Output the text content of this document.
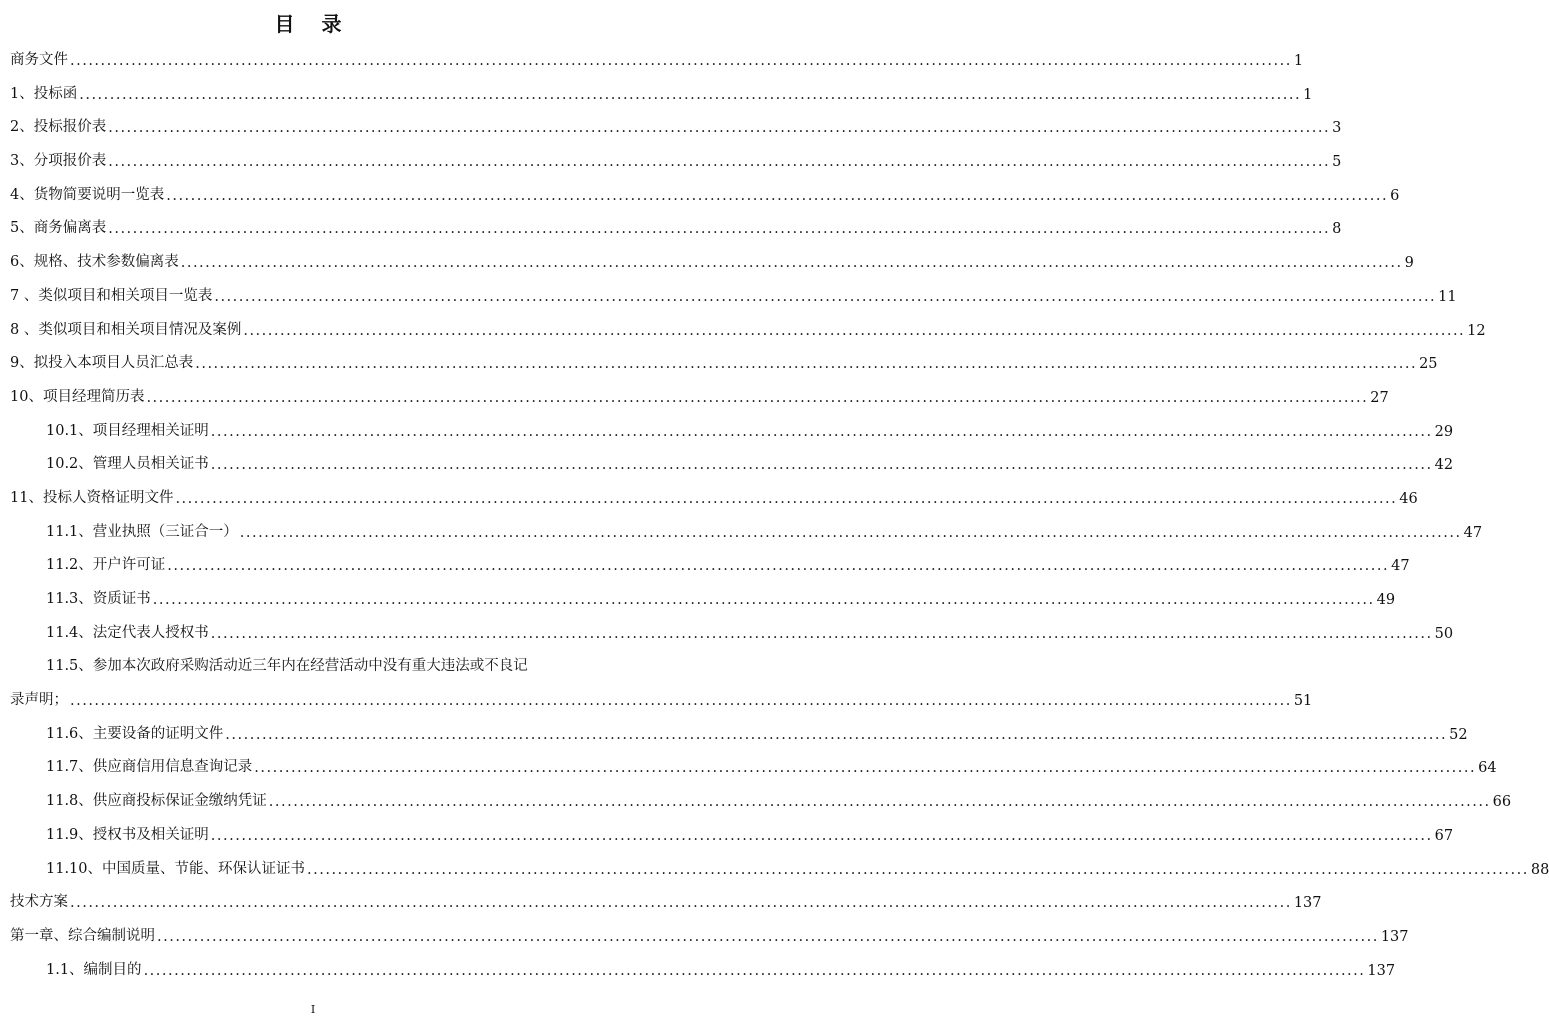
目 录
商务文件 ........................................................................................................................................................................................................ 1
1、投标函 ........................................................................................................................................................................................................ 1
2、投标报价表 ........................................................................................................................................................................................................ 3
3、分项报价表 ........................................................................................................................................................................................................ 5
4、货物简要说明一览表 ........................................................................................................................................................................................................ 6
5、商务偏离表 ........................................................................................................................................................................................................ 8
6、规格、技术参数偏离表 ........................................................................................................................................................................................................ 9
7 、类似项目和相关项目一览表 ........................................................................................................................................................................................................ 11
8 、类似项目和相关项目情况及案例 ........................................................................................................................................................................................................ 12
9、拟投入本项目人员汇总表 ........................................................................................................................................................................................................ 25
10、项目经理简历表 ........................................................................................................................................................................................................ 27
10.1、项目经理相关证明 ........................................................................................................................................................................................................ 29
10.2、管理人员相关证书 ........................................................................................................................................................................................................ 42
11、投标人资格证明文件 ........................................................................................................................................................................................................ 46
11.1、营业执照（三证合一） ........................................................................................................................................................................................................ 47
11.2、开户许可证 ........................................................................................................................................................................................................ 47
11.3、资质证书 ........................................................................................................................................................................................................ 49
11.4、法定代表人授权书 ........................................................................................................................................................................................................ 50
11.5、参加本次政府采购活动近三年内在经营活动中没有重大违法或不良记
录声明； ........................................................................................................................................................................................................ 51
11.6、主要设备的证明文件 ........................................................................................................................................................................................................ 52
11.7、供应商信用信息查询记录 ........................................................................................................................................................................................................ 64
11.8、供应商投标保证金缴纳凭证 ........................................................................................................................................................................................................ 66
11.9、授权书及相关证明 ........................................................................................................................................................................................................ 67
11.10、中国质量、节能、环保认证证书 ........................................................................................................................................................................................................ 88
技术方案 ........................................................................................................................................................................................................ 137
第一章、综合编制说明 ........................................................................................................................................................................................................ 137
1.1、编制目的 ........................................................................................................................................................................................................ 137
I
